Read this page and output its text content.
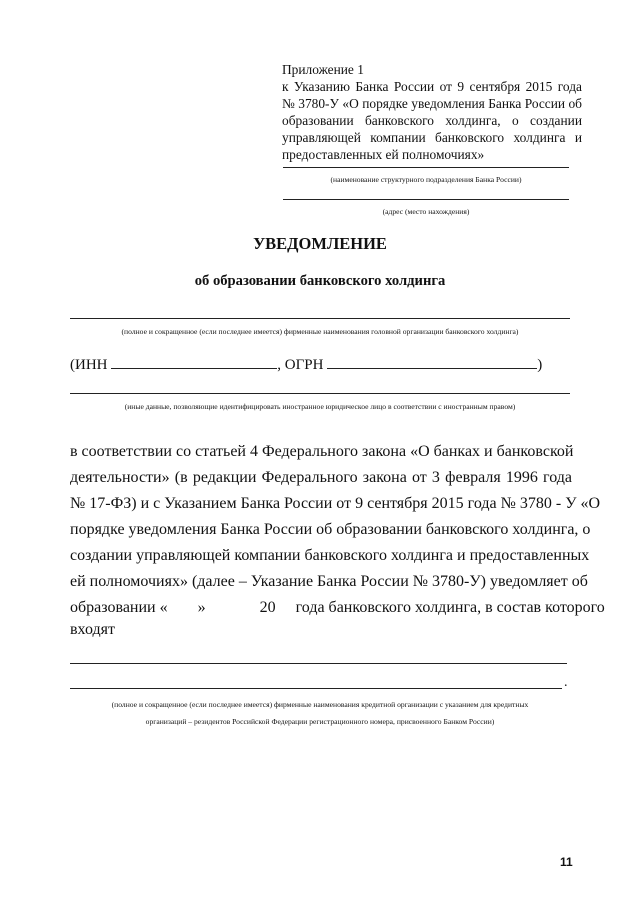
Приложение 1
к Указанию Банка России от 9 сентября 2015 года
№ 3780-У «О порядке уведомления Банка России об
образовании банковского холдинга, о создании
управляющей компании банковского холдинга и
предоставленных ей полномочиях»
(наименование структурного подразделения Банка России)
(адрес (место нахождения)
УВЕДОМЛЕНИЕ
об образовании банковского холдинга
(полное и сокращенное (если последнее имеется) фирменные наименования головной организации банковского холдинга)
(ИНН	, ОГРН	)
(иные данные, позволяющие идентифицировать иностранное юридическое лицо в соответствии с иностранным правом)
в соответствии со статьей 4 Федерального закона «О банках и банковской
деятельности» (в редакции Федерального закона от 3 февраля 1996 года
№ 17-ФЗ) и с Указанием Банка России от 9 сентября 2015 года № 3780 - У «О
порядке уведомления Банка России об образовании банковского холдинга, о
создании управляющей компании банковского холдинга и предоставленных
ей полномочиях» (далее – Указание Банка России № 3780-У) уведомляет об
образовании « »	20 года банковского холдинга, в состав которого
входят
.
(полное и сокращенное (если последнее имеется) фирменные наименования кредитной организации с указанием для кредитных
организаций – резидентов Российской Федерации регистрационного номера, присвоенного Банком России)
11
